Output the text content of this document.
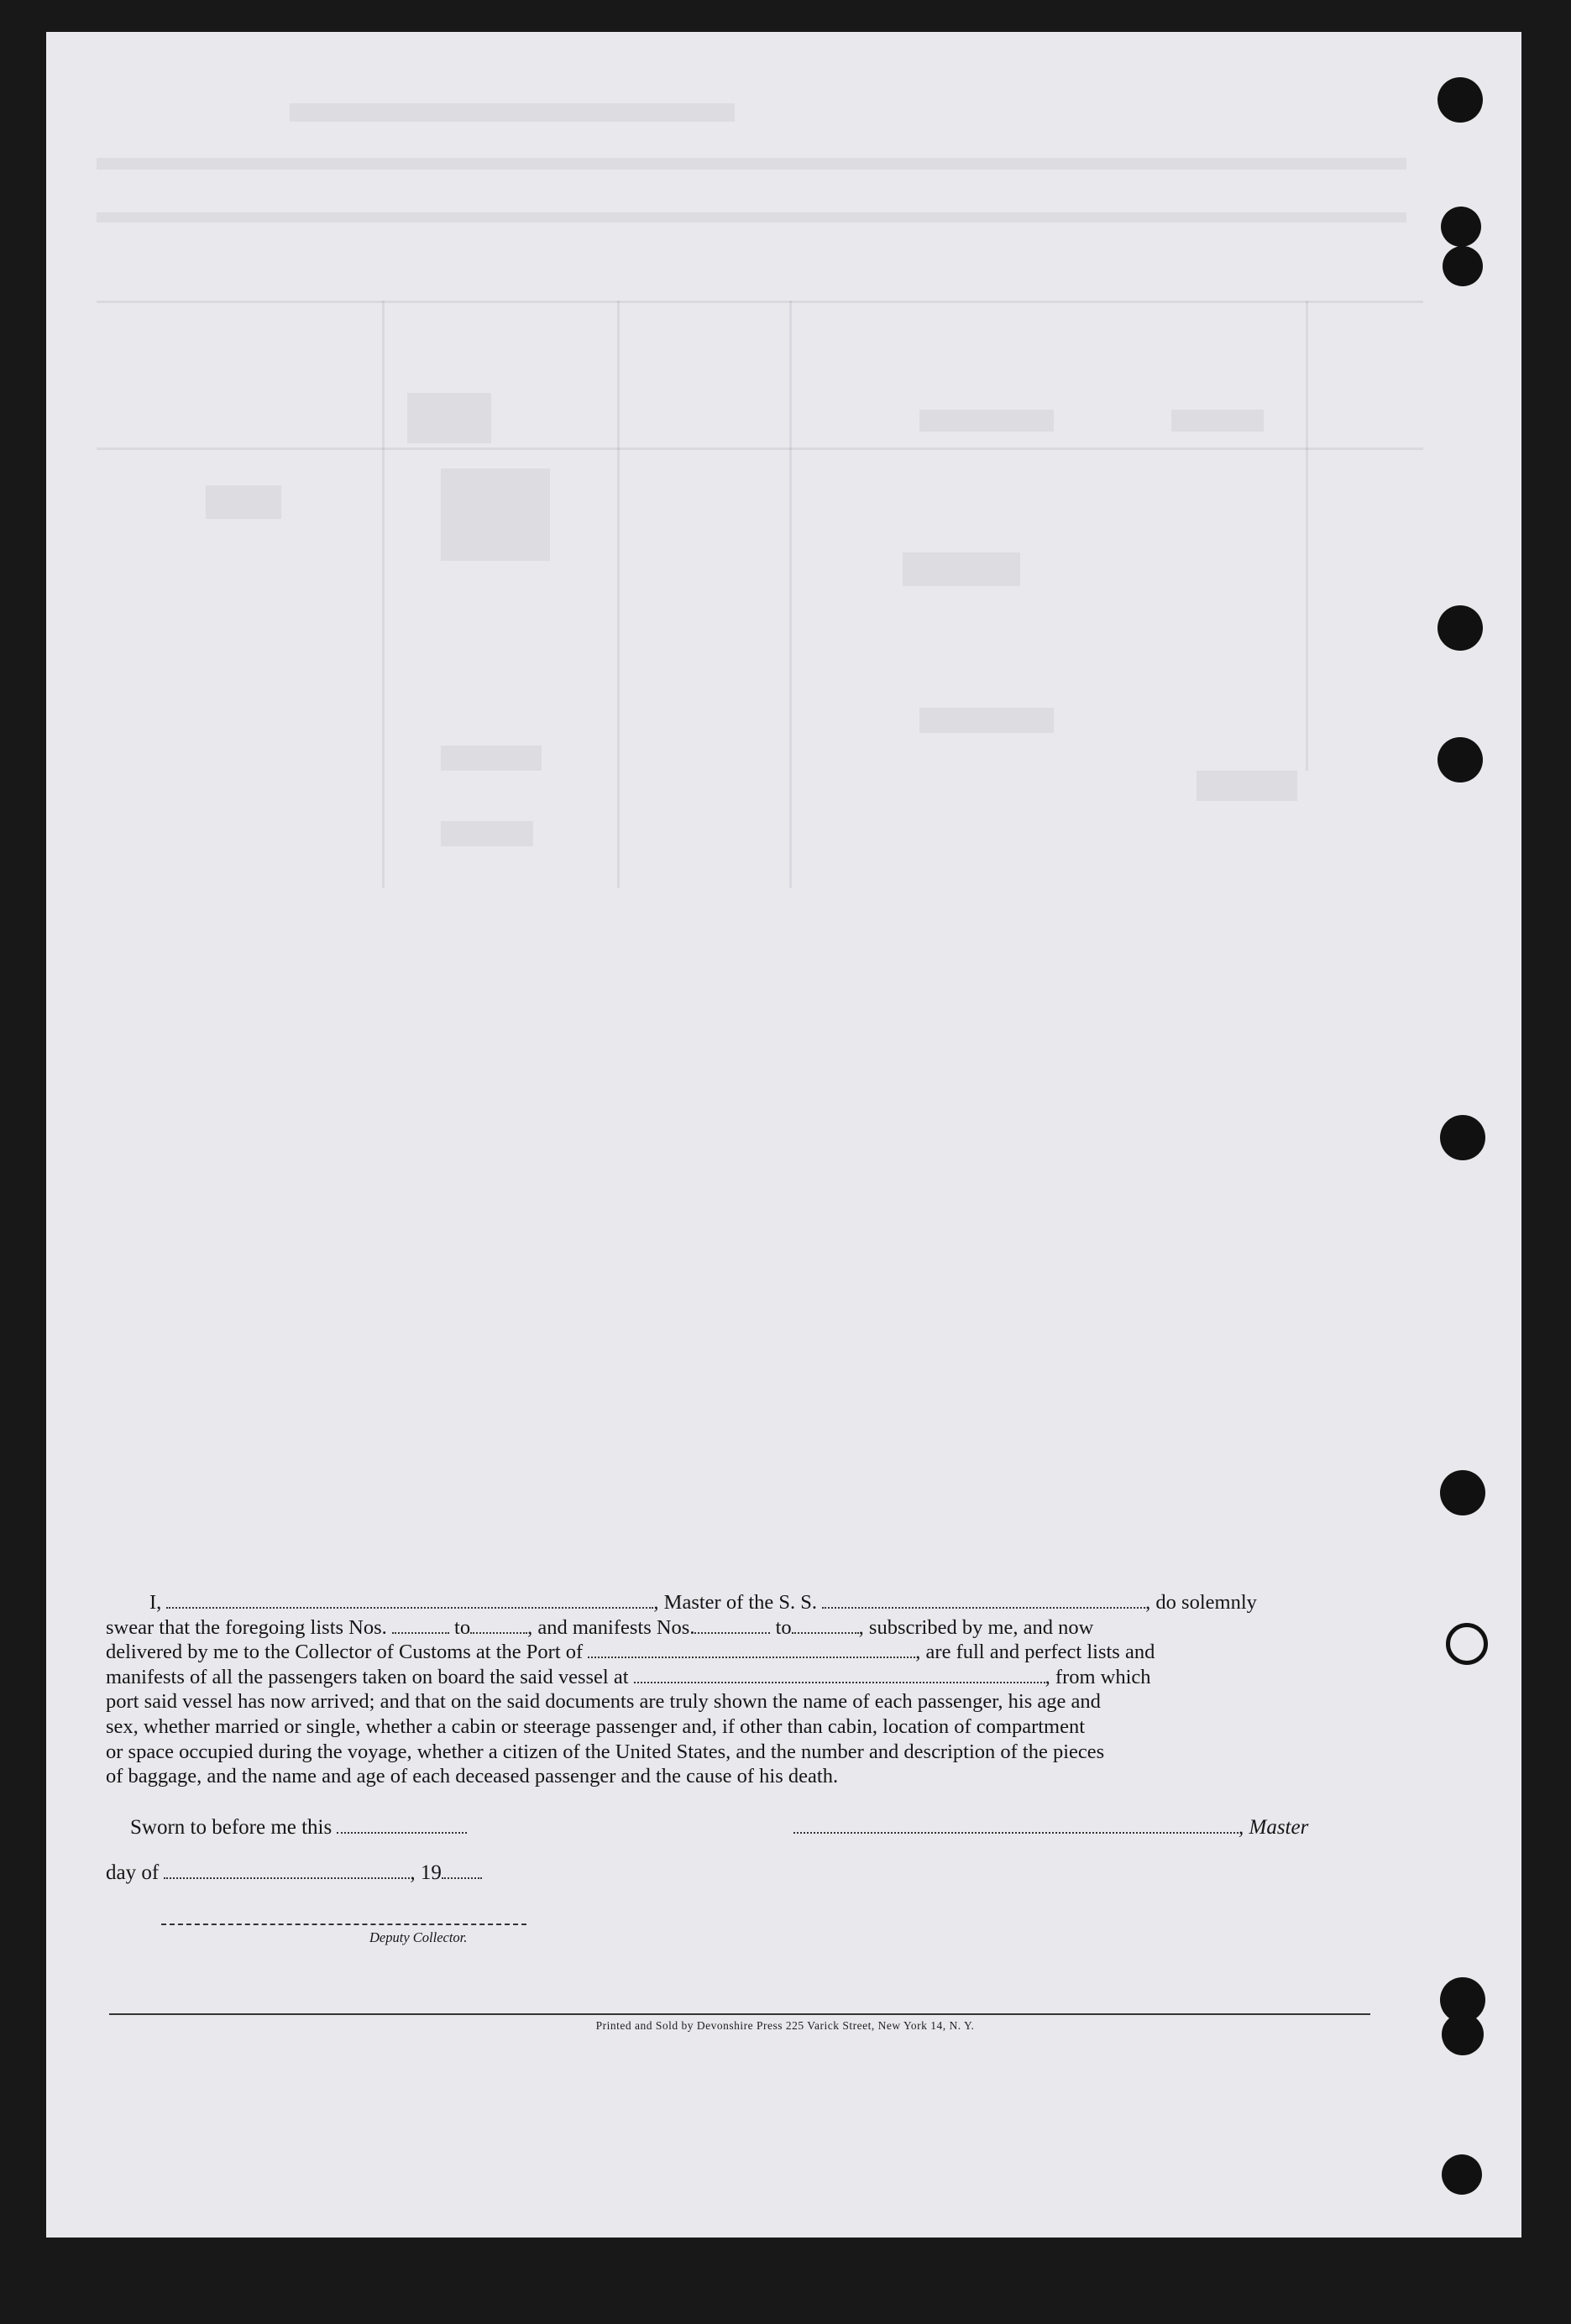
I,	, Master of the S. S.	, do solemnly
swear that the foregoing lists Nos.	to	, and manifests Nos.	to	, subscribed by me, and now
delivered by me to the Collector of Customs at the Port of	, are full and perfect lists and
manifests of all the passengers taken on board the said vessel at	, from which
port said vessel has now arrived; and that on the said documents are truly shown the name of each passenger, his age and
sex, whether married or single, whether a cabin or steerage passenger and, if other than cabin, location of compartment
or space occupied during the voyage, whether a citizen of the United States, and the number and description of the pieces
of baggage, and the name and age of each deceased passenger and the cause of his death.
Sworn to before me this	, Master
day of	, 19
Deputy Collector.
Printed and Sold by Devonshire Press 225 Varick Street, New York 14, N. Y.
